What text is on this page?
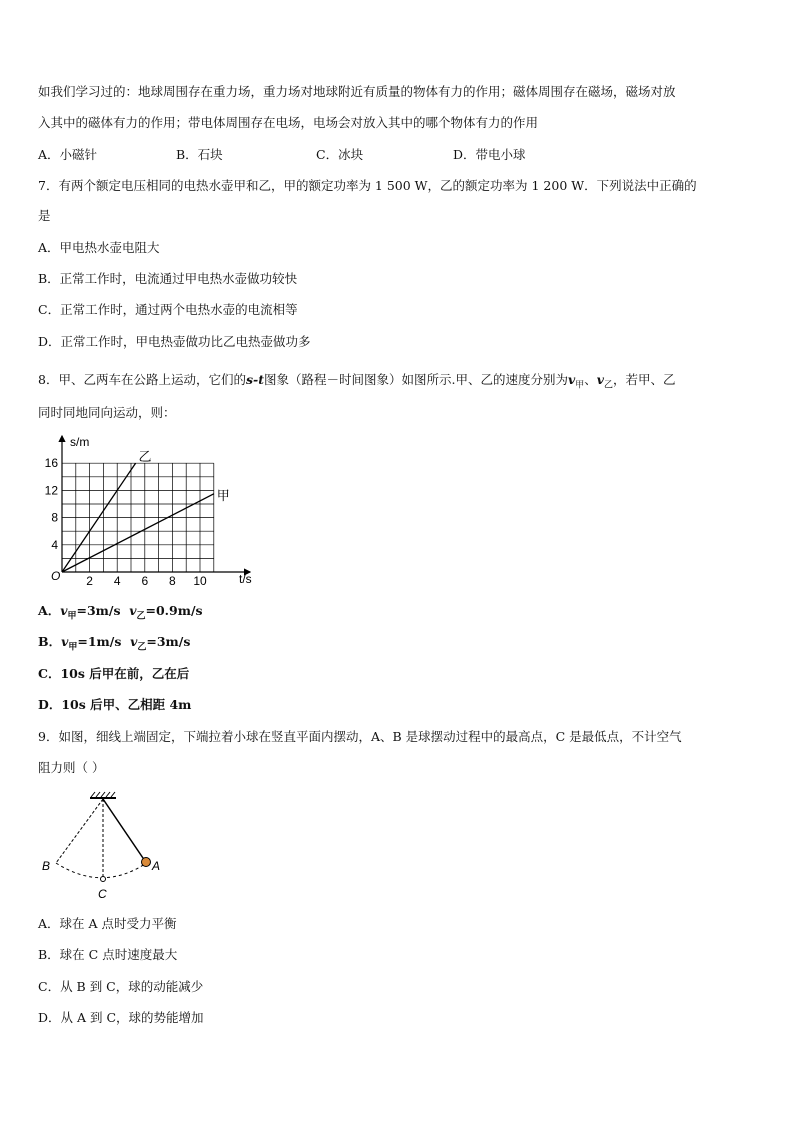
如我们学习过的：地球周围存在重力场，重力场对地球附近有质量的物体有力的作用；磁体周围存在磁场，磁场对放
入其中的磁体有力的作用；带电体周围存在电场，电场会对放入其中的哪个物体有力的作用
A．小磁针	B．石块	C．冰块	D．带电小球
7．有两个额定电压相同的电热水壶甲和乙，甲的额定功率为 1 500 W，乙的额定功率为 1 200 W．下列说法中正确的
是
A．甲电热水壶电阻大
B．正常工作时，电流通过甲电热水壶做功较快
C．正常工作时，通过两个电热水壶的电流相等
D．正常工作时，甲电热壶做功比乙电热壶做功多
8．甲、乙两车在公路上运动，它们的s-t图象（路程－时间图象）如图所示.甲、乙的速度分别为$v_甲$、$v_乙$，若甲、乙
同时同地同向运动，则：
乙
甲
2 4 6 8 10
4
8
12
16
s/m
t/s
O
A．$v_甲=3m/s$ $v_乙=0.9m/s$
B．$v_甲=1m/s$ $v_乙=3m/s$
C．10s 后甲在前，乙在后
D．10s 后甲、乙相距 4m
9．如图，细线上端固定，下端拉着小球在竖直平面内摆动，A、B 是球摆动过程中的最高点，C 是最低点，不计空气
阻力则（ ）
B	A
C
A．球在 A 点时受力平衡
B．球在 C 点时速度最大
C．从 B 到 C，球的动能减少
D．从 A 到 C，球的势能增加
